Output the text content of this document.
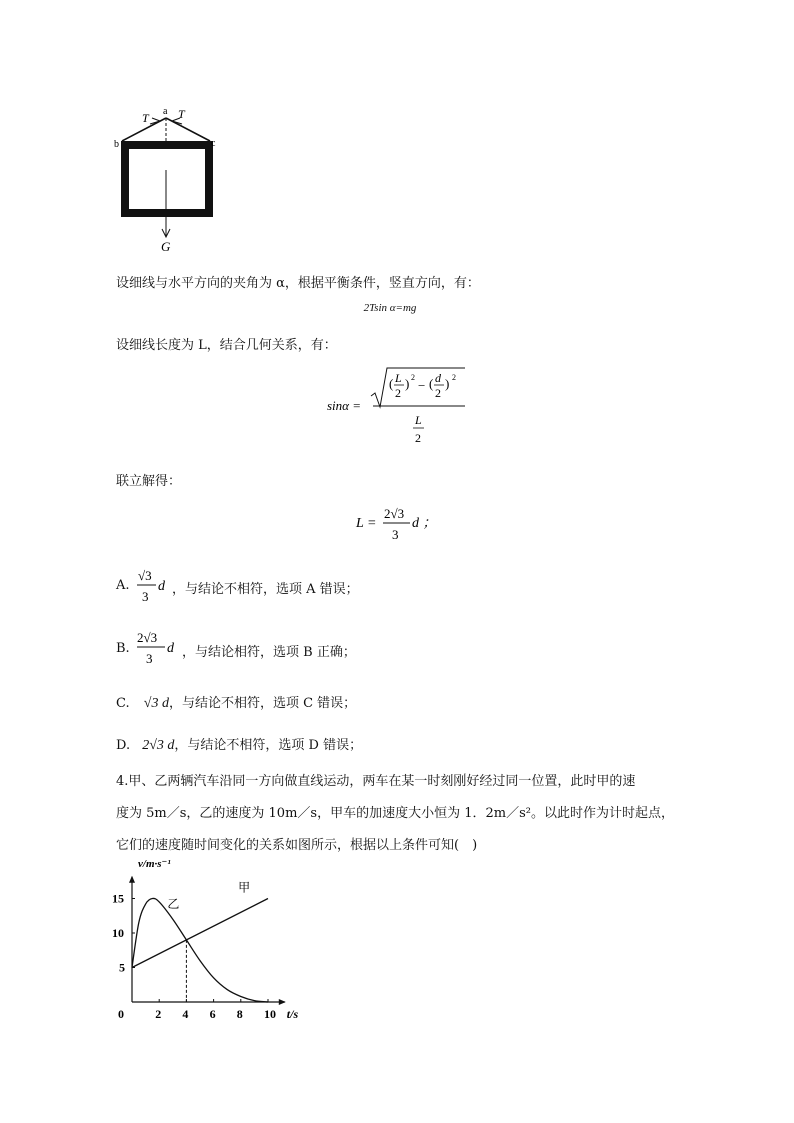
a
b	c
T T
G
设细线与水平方向的夹角为 α，根据平衡条件，竖直方向，有：
2Tsin α=mg
设细线长度为 L，结合几何关系，有：
sinα =
( L
2
) 2
− ( d
2
) 2
L
2
联立解得：
L =
2√3
3
d ；
A.
√3
3
d ，与结论不相符，选项 A 错误；
B.
2√3
3
d ，与结论相符，选项 B 正确；
C. √3 d，与结论不相符，选项 C 错误；
D. 2√3 d，与结论不相符，选项 D 错误；
4.甲、乙两辆汽车沿同一方向做直线运动，两车在某一时刻刚好经过同一位置，此时甲的速
度为 5m／s，乙的速度为 10m／s，甲车的加速度大小恒为 1．2m／s²。以此时作为计时起点，
它们的速度随时间变化的关系如图所示，根据以上条件可知(　)
2 4 6 8 10
5
10
15
0
v/m·s⁻¹
t/s
甲
乙
